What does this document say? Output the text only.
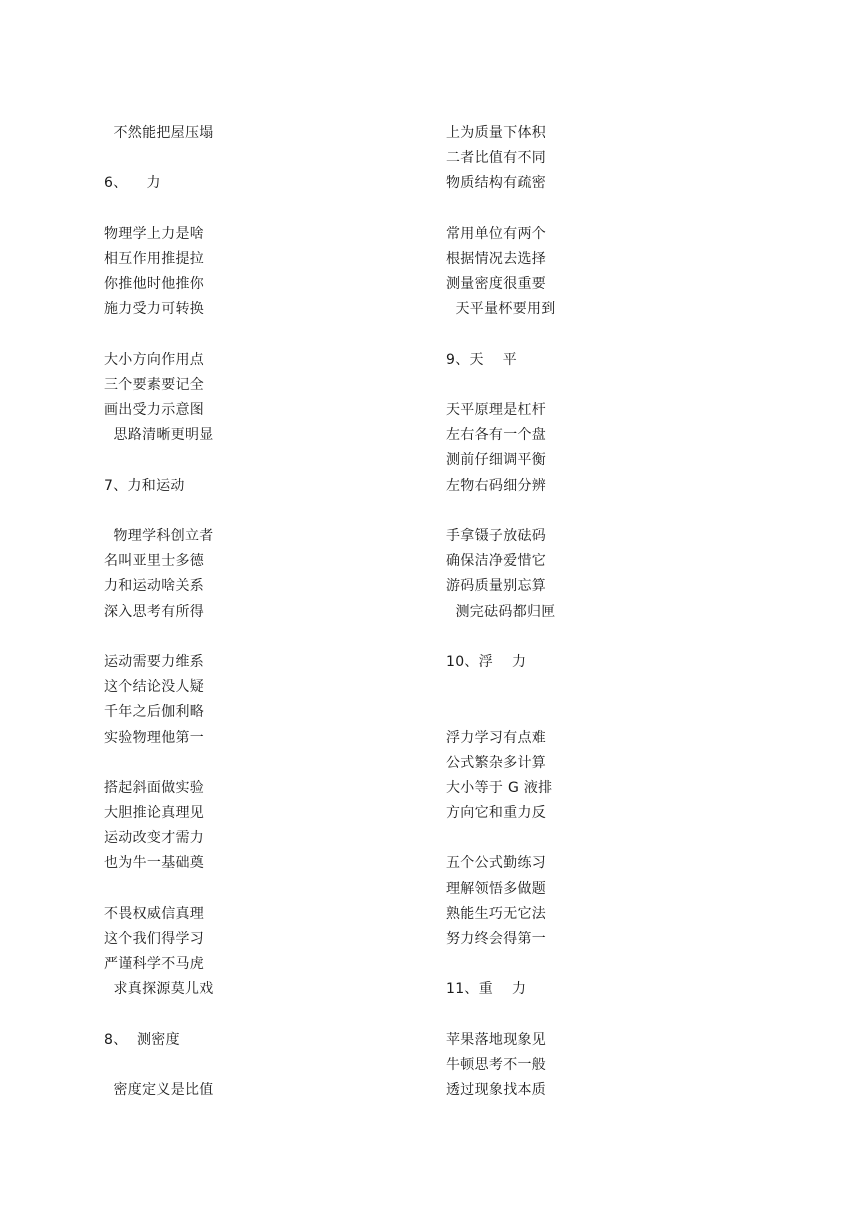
不然能把屋压塌
6、    力
物理学上力是啥
相互作用推提拉
你推他时他推你
施力受力可转换
大小方向作用点
三个要素要记全
画出受力示意图
思路清晰更明显
7、力和运动
物理学科创立者
名叫亚里士多德
力和运动啥关系
深入思考有所得
运动需要力维系
这个结论没人疑
千年之后伽利略
实验物理他第一
搭起斜面做实验
大胆推论真理见
运动改变才需力
也为牛一基础奠
不畏权威信真理
这个我们得学习
严谨科学不马虎
求真探源莫儿戏
8、  测密度
密度定义是比值
上为质量下体积
二者比值有不同
物质结构有疏密
常用单位有两个
根据情况去选择
测量密度很重要
天平量杯要用到
9、天    平
天平原理是杠杆
左右各有一个盘
测前仔细调平衡
左物右码细分辨
手拿镊子放砝码
确保洁净爱惜它
游码质量别忘算
测完砝码都归匣
10、浮    力
浮力学习有点难
公式繁杂多计算
大小等于 G 液排
方向它和重力反
五个公式勤练习
理解领悟多做题
熟能生巧无它法
努力终会得第一
11、重    力
苹果落地现象见
牛顿思考不一般
透过现象找本质
